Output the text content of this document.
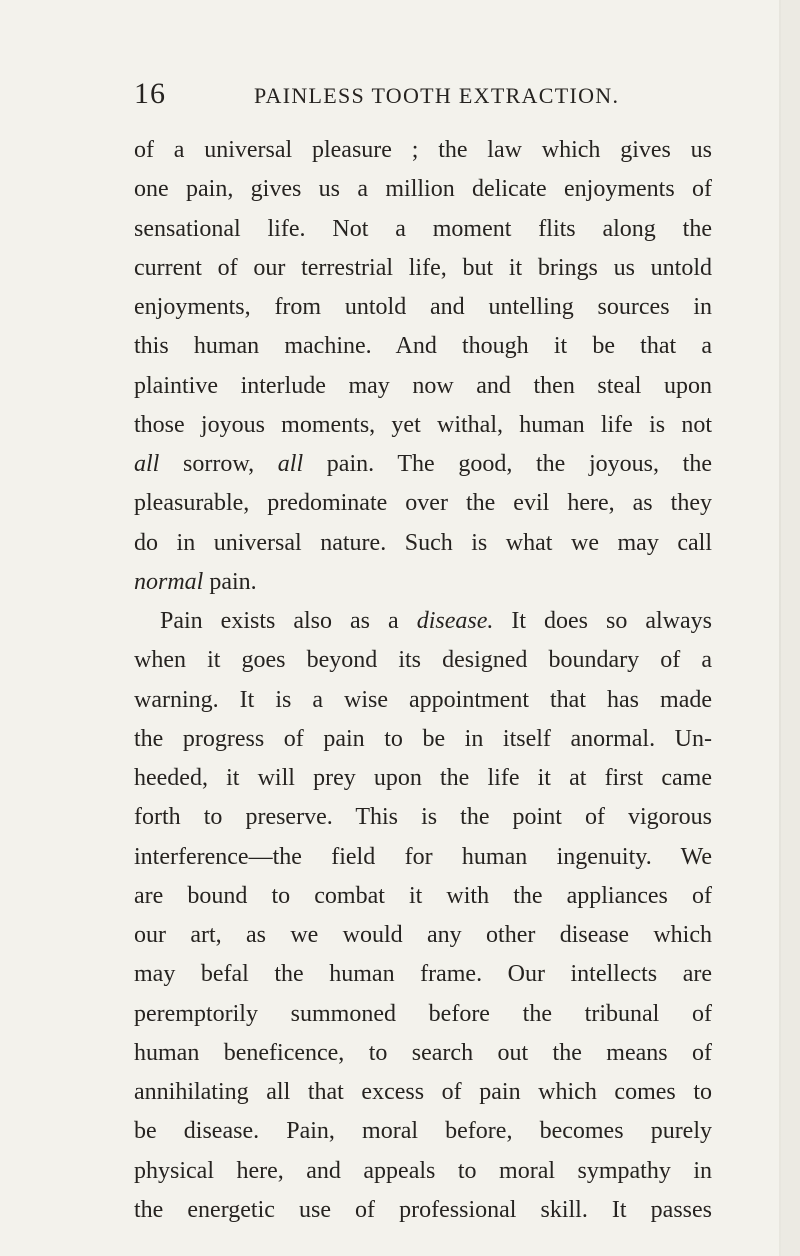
16	PAINLESS TOOTH EXTRACTION.
of a universal pleasure ; the law which gives us
one pain, gives us a million delicate enjoyments of
sensational life. Not a moment flits along the
current of our terrestrial life, but it brings us untold
enjoyments, from untold and untelling sources in
this human machine. And though it be that a
plaintive interlude may now and then steal upon
those joyous moments, yet withal, human life is not
all sorrow, all pain. The good, the joyous, the
pleasurable, predominate over the evil here, as they
do in universal nature. Such is what we may call
normal pain.
Pain exists also as a disease. It does so always
when it goes beyond its designed boundary of a
warning. It is a wise appointment that has made
the progress of pain to be in itself anormal. Un-
heeded, it will prey upon the life it at first came
forth to preserve. This is the point of vigorous
interference—the field for human ingenuity. We
are bound to combat it with the appliances of
our art, as we would any other disease which
may befal the human frame. Our intellects are
peremptorily summoned before the tribunal of
human beneficence, to search out the means of
annihilating all that excess of pain which comes to
be disease. Pain, moral before, becomes purely
physical here, and appeals to moral sympathy in
the energetic use of professional skill. It passes
